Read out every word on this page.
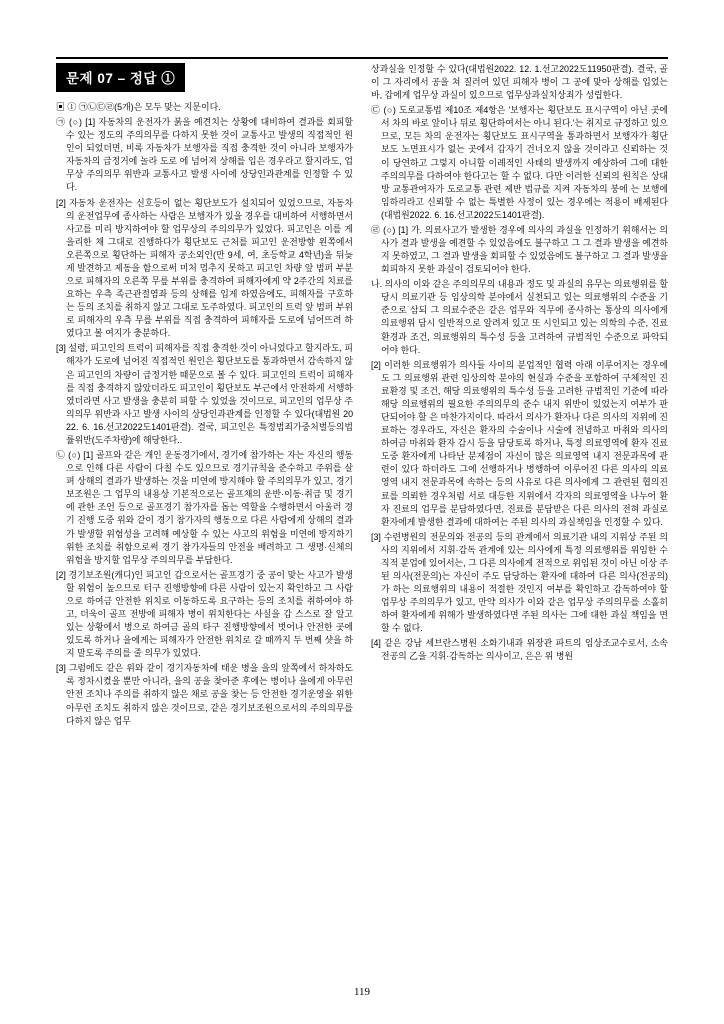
문제 07 – 정답 ①

▣ ① ㉠㉡㉢㉣(5개)은 모두 맞는 지문이다.

㉠ (○) [1] 자동차의 운전자가 붉을 예견치는 상황에 대비하여 결과를 회피할 수 있는 정도의 주의의무를 다하지 못한 것이 교통사고 발생의 직접적인 원인이 되었더면, 비록 자동차가 보행자를 직접 충격한 것이 아니라 보행자가 자동차의 급정거에 놀라 도로 에 넘어져 상해를 입은 경우라고 할지라도, 업무상 주의의무 위반과 교통사고 발생 사이에 상당인과관계를 인정할 수 있다.

[2] 자동차 운전자는 신호등이 없는 횡단보도가 설치되어 있었으므로, 자동차의 운전업무에 종사하는 사람은 보행자가 있을 경우를 대비하여 서행하면서 사고를 미리 방지하여야 할 업무상의 주의의무가 있었다. 피고인은 이를 게을리한 채 그대로 진행하다가 횡단보도 근처를 피고인 운전방향 왼쪽에서 오른쪽으로 횡단하는 피해자 공소외인(만 9세, 여, 초등학교 4학년)을 뒤늦게 발견하고 제동을 함으로써 미처 멈추지 못하고 피고인 차량 앞 범퍼 부분으로 피해자의 오른쪽 무릎 부위를 충격하여 피해자에게 약 2주간의 치료를 요하는 우측 족근관절염좌 등의 상해를 입게 하였음에도, 피해자를 구호하는 등의 조치를 취하지 않고 그대로 도주하였다. 피고인의 트럭 앞 범퍼 부위로 피해자의 우측 무릎 부위를 직접 충격하여 피해자를 도로에 넘어뜨려 하였다고 볼 여지가 충분하다.

[3] 설령, 피고인의 트럭이 피해자를 직접 충격한 것이 아니었다고 할지라도, 피해자가 도로에 넘어진 직접적인 원인은 횡단보도를 통과하면서 감속하지 않은 피고인의 차량이 급정거한 때문으로 볼 수 있다. 피고인의 트럭이 피해자를 직접 충격하지 않았더라도 피고인이 횡단보도 부근에서 안전하게 서행하였더라면 사고 발생을 충분히 피할 수 있었을 것이므로, 피고인의 업무상 주의의무 위반과 사고 발생 사이의 상당인과관계를 인정할 수 있다(대법원 2022. 6. 16.선고2022도1401판결). 결국, 피고인은 특정범죄가중처벌등의법률위반(도주차량)에 해당한다..

㉡ (○) [1] 골프와 같은 개인 운동경기에서, 경기에 참가하는 자는 자신의 행동으로 인해 다른 사람이 다칠 수도 있으므로 경기규칙을 준수하고 주위를 살펴 상해의 결과가 발생하는 것을 미연에 방지해야 할 주의의무가 있고, 경기보조원은 그 업무의 내용상 기본적으로는 골프채의 운반·이동·취급 및 경기에 관한 조언 등으로 골프경기 참가자를 돕는 역할을 수행하면서 아울러 경기 진행 도중 위와 같이 경기 참가자의 행동으로 다른 사람에게 상해의 결과가 발생할 위험성을 고려해 예상할 수 있는 사고의 위험을 미연에 방지하기 위한 조치를 취함으로써 경기 참가자들의 안전을 배려하고 그 생명·신체의 위험을 방지할 업무상 주의의무를 부담한다.

[2] 경기보조원(캐디)인 피고인 갑으로서는 골프경기 중 공이 맞는 사고가 발생할 위험이 높으므로 터구 진행방향에 다른 사람이 있는지 확인하고 그 사람으로 하여금 안전한 위치로 이동하도록 요구하는 등의 조치를 취하여야 하고, 더욱이 골프 전방에 피해자 병이 위치한다는 사실을 갑 스스로 잘 알고 있는 상황에서 병으로 하여금 골의 타구 진행방향에서 벗어나 안전한 곳에 있도록 하거나 을에게는 피해자가 안전한 위치로 갈 때까지 두 번째 샷을 하지 말도록 주의를 줄 의무가 있었다.

[3] 그럼에도 같은 위와 같이 경기자동차에 태운 병을 을의 앞쪽에서 하차하도록 정차시켰을 뿐만 아니라, 을의 공을 찾아준 후에는 병이나 을에게 아무런 안전 조치나 주의를 취하지 않은 채로 공을 찾는 등 안전한 경기운영을 위한 아무런 조치도 취하지 않은 것이므로, 같은 경기보조원으로서의 주의의무를 다하지 않은 업무

상과실을 인정할 수 있다(대법원2022. 12. 1.선고2022도11950판결). 결국, 골이 그 자리에서 공을 쳐 질러여 있던 피해자 병이 그 공에 맞아 상해를 입었는바, 갑에게 업무상 과실이 있으므로 업무상과실치상죄가 성립한다.

㉢ (○) 도로교통법 제10조 제4항은 '보행자는 횡단보도 표시구역이 아닌 곳에서 차의 바로 앞이나 뒤로 횡단하여서는 아니 된다.'는 취지로 규정하고 있으므로, 모든 차의 운전자는 횡단보도 표시구역을 통과하면서 보행자가 횡단보도 노면표시가 없는 곳에서 갑자기 건너오지 않을 것이라고 신뢰하는 것이 당연하고 그렇지 아니할 이례적인 사태의 발생까지 예상하여 그에 대한 주의의무를 다하여야 한다고는 할 수 없다. 다만 이러한 신뢰의 원칙은 상대방 교통관여자가 도로교통 관련 제반 법규를 지켜 자동차의 붕에 는 보행에 임하리라고 신뢰할 수 없는 특별한 사정이 있는 경우에는 적용이 배제된다(대법원2022. 6. 16.선고2022도1401판결).

㉣ (○) [1] 가. 의료사고가 발생한 경우에 의사의 과실을 인정하기 위해서는 의사가 결과 발생을 예견할 수 있었음에도 불구하고 그 그 결과 발생을 예견하지 못하였고, 그 결과 발생을 회피할 수 있었음에도 불구하고 그 결과 발생을 회피하지 못한 과실이 검토되어야 한다.

나. 의사의 이와 같은 주의의무의 내용과 정도 및 과실의 유무는 의료행위를 할 당시 의료기관 등 임상의학 분야에서 실천되고 있는 의료행위의 수준을 기준으로 삼되 그 의료수준은 같은 업무와 직무에 종사하는 통상의 의사에게 의료행위 담시 일반적으로 알려져 있고 또 시인되고 있는 의학의 수준, 진료환경과 조건, 의료행위의 특수성 등을 고려하여 규범적인 수준으로 파악되어야 한다.

[2] 이러한 의료행위가 의사들 사이의 분업적인 협력 아래 이루어지는 경우에도 그 의료행위 관련 임상의학 분야의 현실과 수준을 포함하여 구체적인 진료환경 및 조건, 해당 의료행위의 특수성 등을 고려한 규범적인 기준에 따라 해당 의료행위의 필요한 주의의무의 준수 내지 위반이 있었는지 여부가 판단되어야 할 은 마찬가지이다. 따라서 의사가 환자나 다른 의사의 지위에 진료하는 경우라도, 자신은 환자의 수술이나 시술에 전념하고 마취와 의사의 하여금 마취와 환자 감시 등을 담당토록 하거나, 특정 의료영역에 환자 진료 도중 환자에게 나타난 분제점이 자신이 많은 의료영역 내지 전문과목에 관련이 있다 하더라도 그에 선행하거나 병행하여 이루어진 다른 의사의 의료영역 내지 전문과목에 속하는 등의 사유로 다른 의사에게 그 관련된 협의진료를 의뢰한 경우처럼 서로 대등한 지위에서 각자의 의료영역을 나누어 환자 진료의 업무를 분담하였다면, 진료를 분담받은 다른 의사의 전혀 과실로 환자에게 발생한 결과에 대하여는 주된 의사의 과실책임을 인정할 수 있다.

[3] 수련병원의 전문의와 전공의 등의 관계에서 의료기관 내의 지위상 주된 의사의 지위에서 지휘·감독 관계에 있는 의사에게 특정 의료행위를 위임한 수직적 분업에 있어서는, 그 다른 의사에게 전적으로 위임된 것이 아닌 이상 주된 의사(전문의)는 자신이 주도 담당하는 환자에 대하여 다른 의사(전공의)가 하는 의료행위의 내용이 적절한 것인지 여부를 확인하고 감독하여야 할 업무상 주의의무가 있고, 만약 의사가 이와 같은 업무상 주의의무를 소홀히 하여 환자에게 위해가 발생하였다면 주된 의사는 그에 대한 과실 책임을 면할 수 없다.

[4] 같은 강남 세브란스병원 소화기내과 위장관 파트의 임상조교수로서, 소속 전공의 乙을 지휘·감독하는 의사이고, 은은 위 병원

119
